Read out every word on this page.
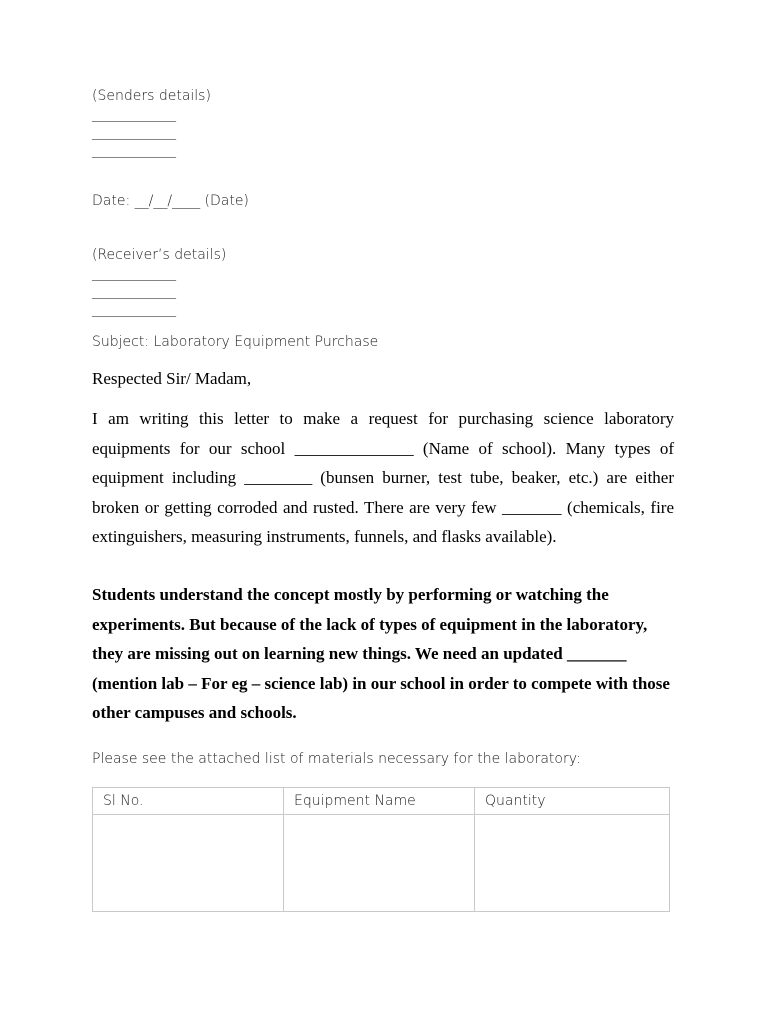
(Senders details)
____________
____________
____________
Date: __/__/____ (Date)
(Receiver’s details)
____________
____________
____________
Subject: Laboratory Equipment Purchase
Respected Sir/ Madam,

I am writing this letter to make a request for purchasing science laboratory equipments for our school ______________ (Name of school). Many types of equipment including ________ (bunsen burner, test tube, beaker, etc.) are either broken or getting corroded and rusted. There are very few _______ (chemicals, fire extinguishers, measuring instruments, funnels, and flasks available).

Students understand the concept mostly by performing or watching the experiments. But because of the lack of types of equipment in the laboratory, they are missing out on learning new things. We need an updated _______ (mention lab – For eg – science lab) in our school in order to compete with those other campuses and schools.

Please see the attached list of materials necessary for the laboratory:
Sl No.	Equipment Name	Quantity
